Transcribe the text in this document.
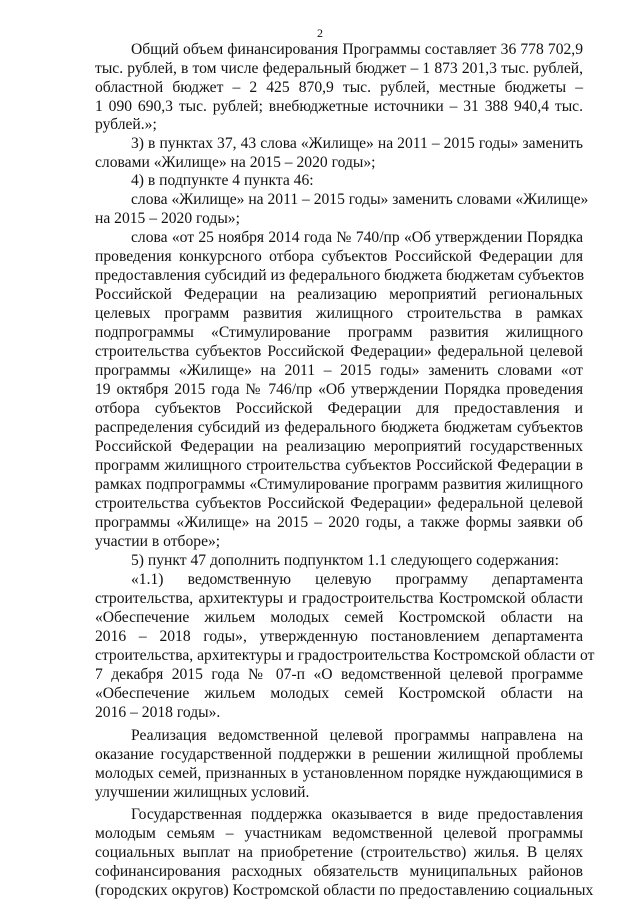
2
Общий объем финансирования Программы составляет 36 778 702,9
тыс. рублей, в том числе федеральный бюджет – 1 873 201,3 тыс. рублей,
областной бюджет – 2 425 870,9 тыс. рублей, местные бюджеты –
1 090 690,3 тыс. рублей; внебюджетные источники – 31 388 940,4 тыс.
рублей.»;
3) в пунктах 37, 43 слова «Жилище» на 2011 – 2015 годы» заменить
словами «Жилище» на 2015 – 2020 годы»;
4) в подпункте 4 пункта 46:
слова «Жилище» на 2011 – 2015 годы» заменить словами «Жилище»
на 2015 – 2020 годы»;
слова «от 25 ноября 2014 года № 740/пр «Об утверждении Порядка
проведения конкурсного отбора субъектов Российской Федерации для
предоставления субсидий из федерального бюджета бюджетам субъектов
Российской Федерации на реализацию мероприятий региональных
целевых программ развития жилищного строительства в рамках
подпрограммы «Стимулирование программ развития жилищного
строительства субъектов Российской Федерации» федеральной целевой
программы «Жилище» на 2011 – 2015 годы» заменить словами «от
19 октября 2015 года № 746/пр «Об утверждении Порядка проведения
отбора субъектов Российской Федерации для предоставления и
распределения субсидий из федерального бюджета бюджетам субъектов
Российской Федерации на реализацию мероприятий государственных
программ жилищного строительства субъектов Российской Федерации в
рамках подпрограммы «Стимулирование программ развития жилищного
строительства субъектов Российской Федерации» федеральной целевой
программы «Жилище» на 2015 – 2020 годы, а также формы заявки об
участии в отборе»;
5) пункт 47 дополнить подпунктом 1.1 следующего содержания:
«1.1) ведомственную целевую программу департамента
строительства, архитектуры и градостроительства Костромской области
«Обеспечение жильем молодых семей Костромской области на
2016 – 2018 годы», утвержденную постановлением департамента
строительства, архитектуры и градостроительства Костромской области от
7 декабря 2015 года № 07-п «О ведомственной целевой программе
«Обеспечение жильем молодых семей Костромской области на
2016 – 2018 годы».
Реализация ведомственной целевой программы направлена на
оказание государственной поддержки в решении жилищной проблемы
молодых семей, признанных в установленном порядке нуждающимися в
улучшении жилищных условий.
Государственная поддержка оказывается в виде предоставления
молодым семьям – участникам ведомственной целевой программы
социальных выплат на приобретение (строительство) жилья. В целях
софинансирования расходных обязательств муниципальных районов
(городских округов) Костромской области по предоставлению социальных
